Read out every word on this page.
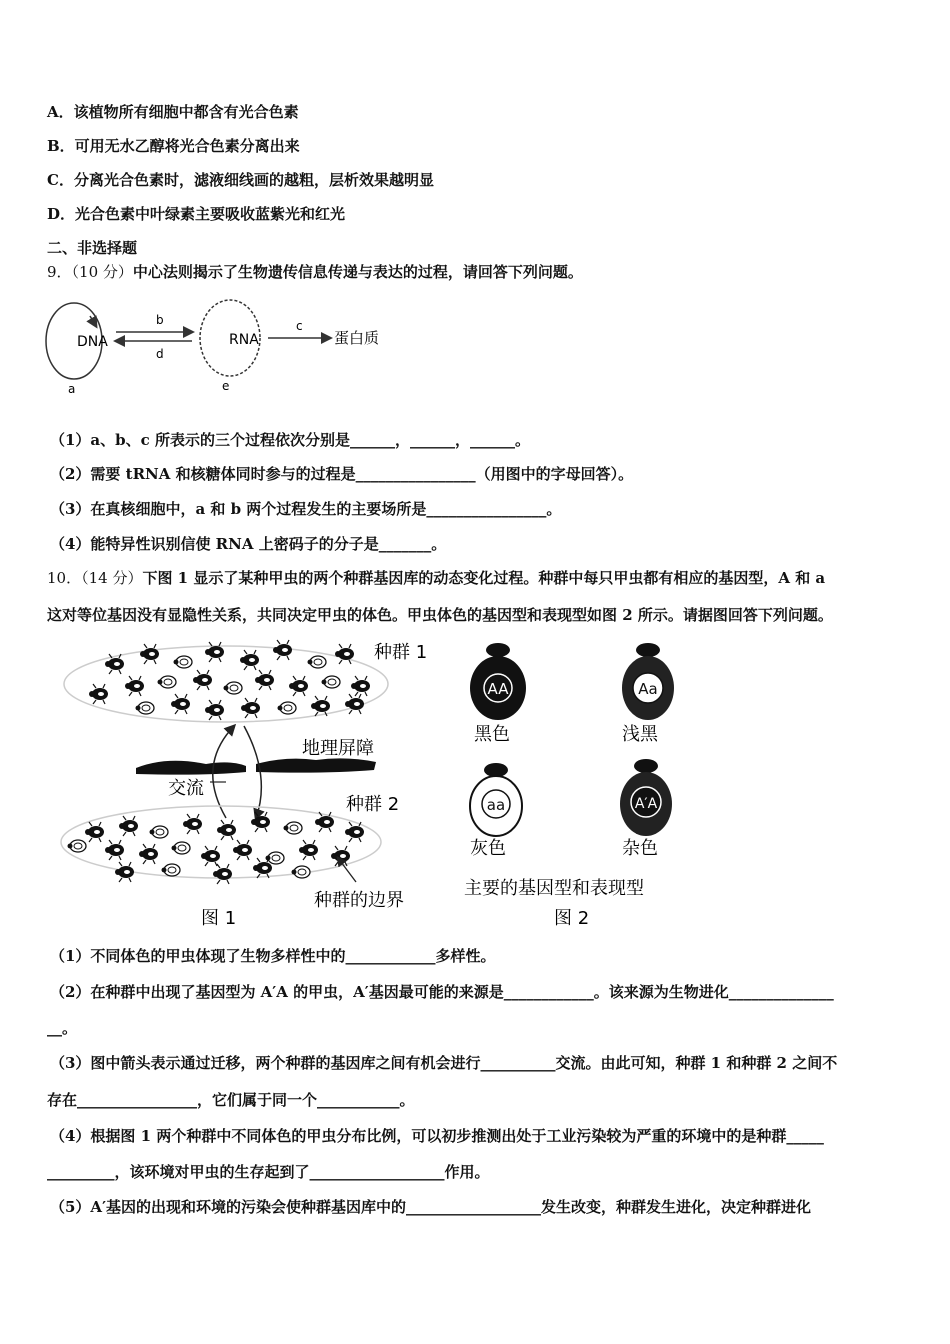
A．该植物所有细胞中都含有光合色素
B．可用无水乙醇将光合色素分离出来
C．分离光合色素时，滤液细线画的越粗，层析效果越明显
D．光合色素中叶绿素主要吸收蓝紫光和红光
二、非选择题
9．（10 分）中心法则揭示了生物遗传信息传递与表达的过程，请回答下列问题。
DNA
a
b
d
RNA
e
c
蛋白质
（1）a、b、c 所表示的三个过程依次分别是______，______，______。
（2）需要 tRNA 和核糖体同时参与的过程是________________（用图中的字母回答）。
（3）在真核细胞中，a 和 b 两个过程发生的主要场所是________________。
（4）能特异性识别信使 RNA 上密码子的分子是_______。
10．（14 分）下图 1 显示了某种甲虫的两个种群基因库的动态变化过程。种群中每只甲虫都有相应的基因型，A 和 a
这对等位基因没有显隐性关系，共同决定甲虫的体色。甲虫体色的基因型和表现型如图 2 所示。请据图回答下列问题。
种群 1
地理屏障
交流
种群 2
种群的边界
图 1
AA
黑色
Aa
浅黑
aa
灰色
A′A
杂色
主要的基因型和表现型
图 2
（1）不同体色的甲虫体现了生物多样性中的____________多样性。
（2）在种群中出现了基因型为 A′A 的甲虫，A′基因最可能的来源是____________。该来源为生物进化______________
__。
（3）图中箭头表示通过迁移，两个种群的基因库之间有机会进行__________交流。由此可知，种群 1 和种群 2 之间不
存在________________，它们属于同一个___________。
（4）根据图 1 两个种群中不同体色的甲虫分布比例，可以初步推测出处于工业污染较为严重的环境中的是种群_____
_________，该环境对甲虫的生存起到了__________________作用。
（5）A′基因的出现和环境的污染会使种群基因库中的__________________发生改变，种群发生进化，决定种群进化
